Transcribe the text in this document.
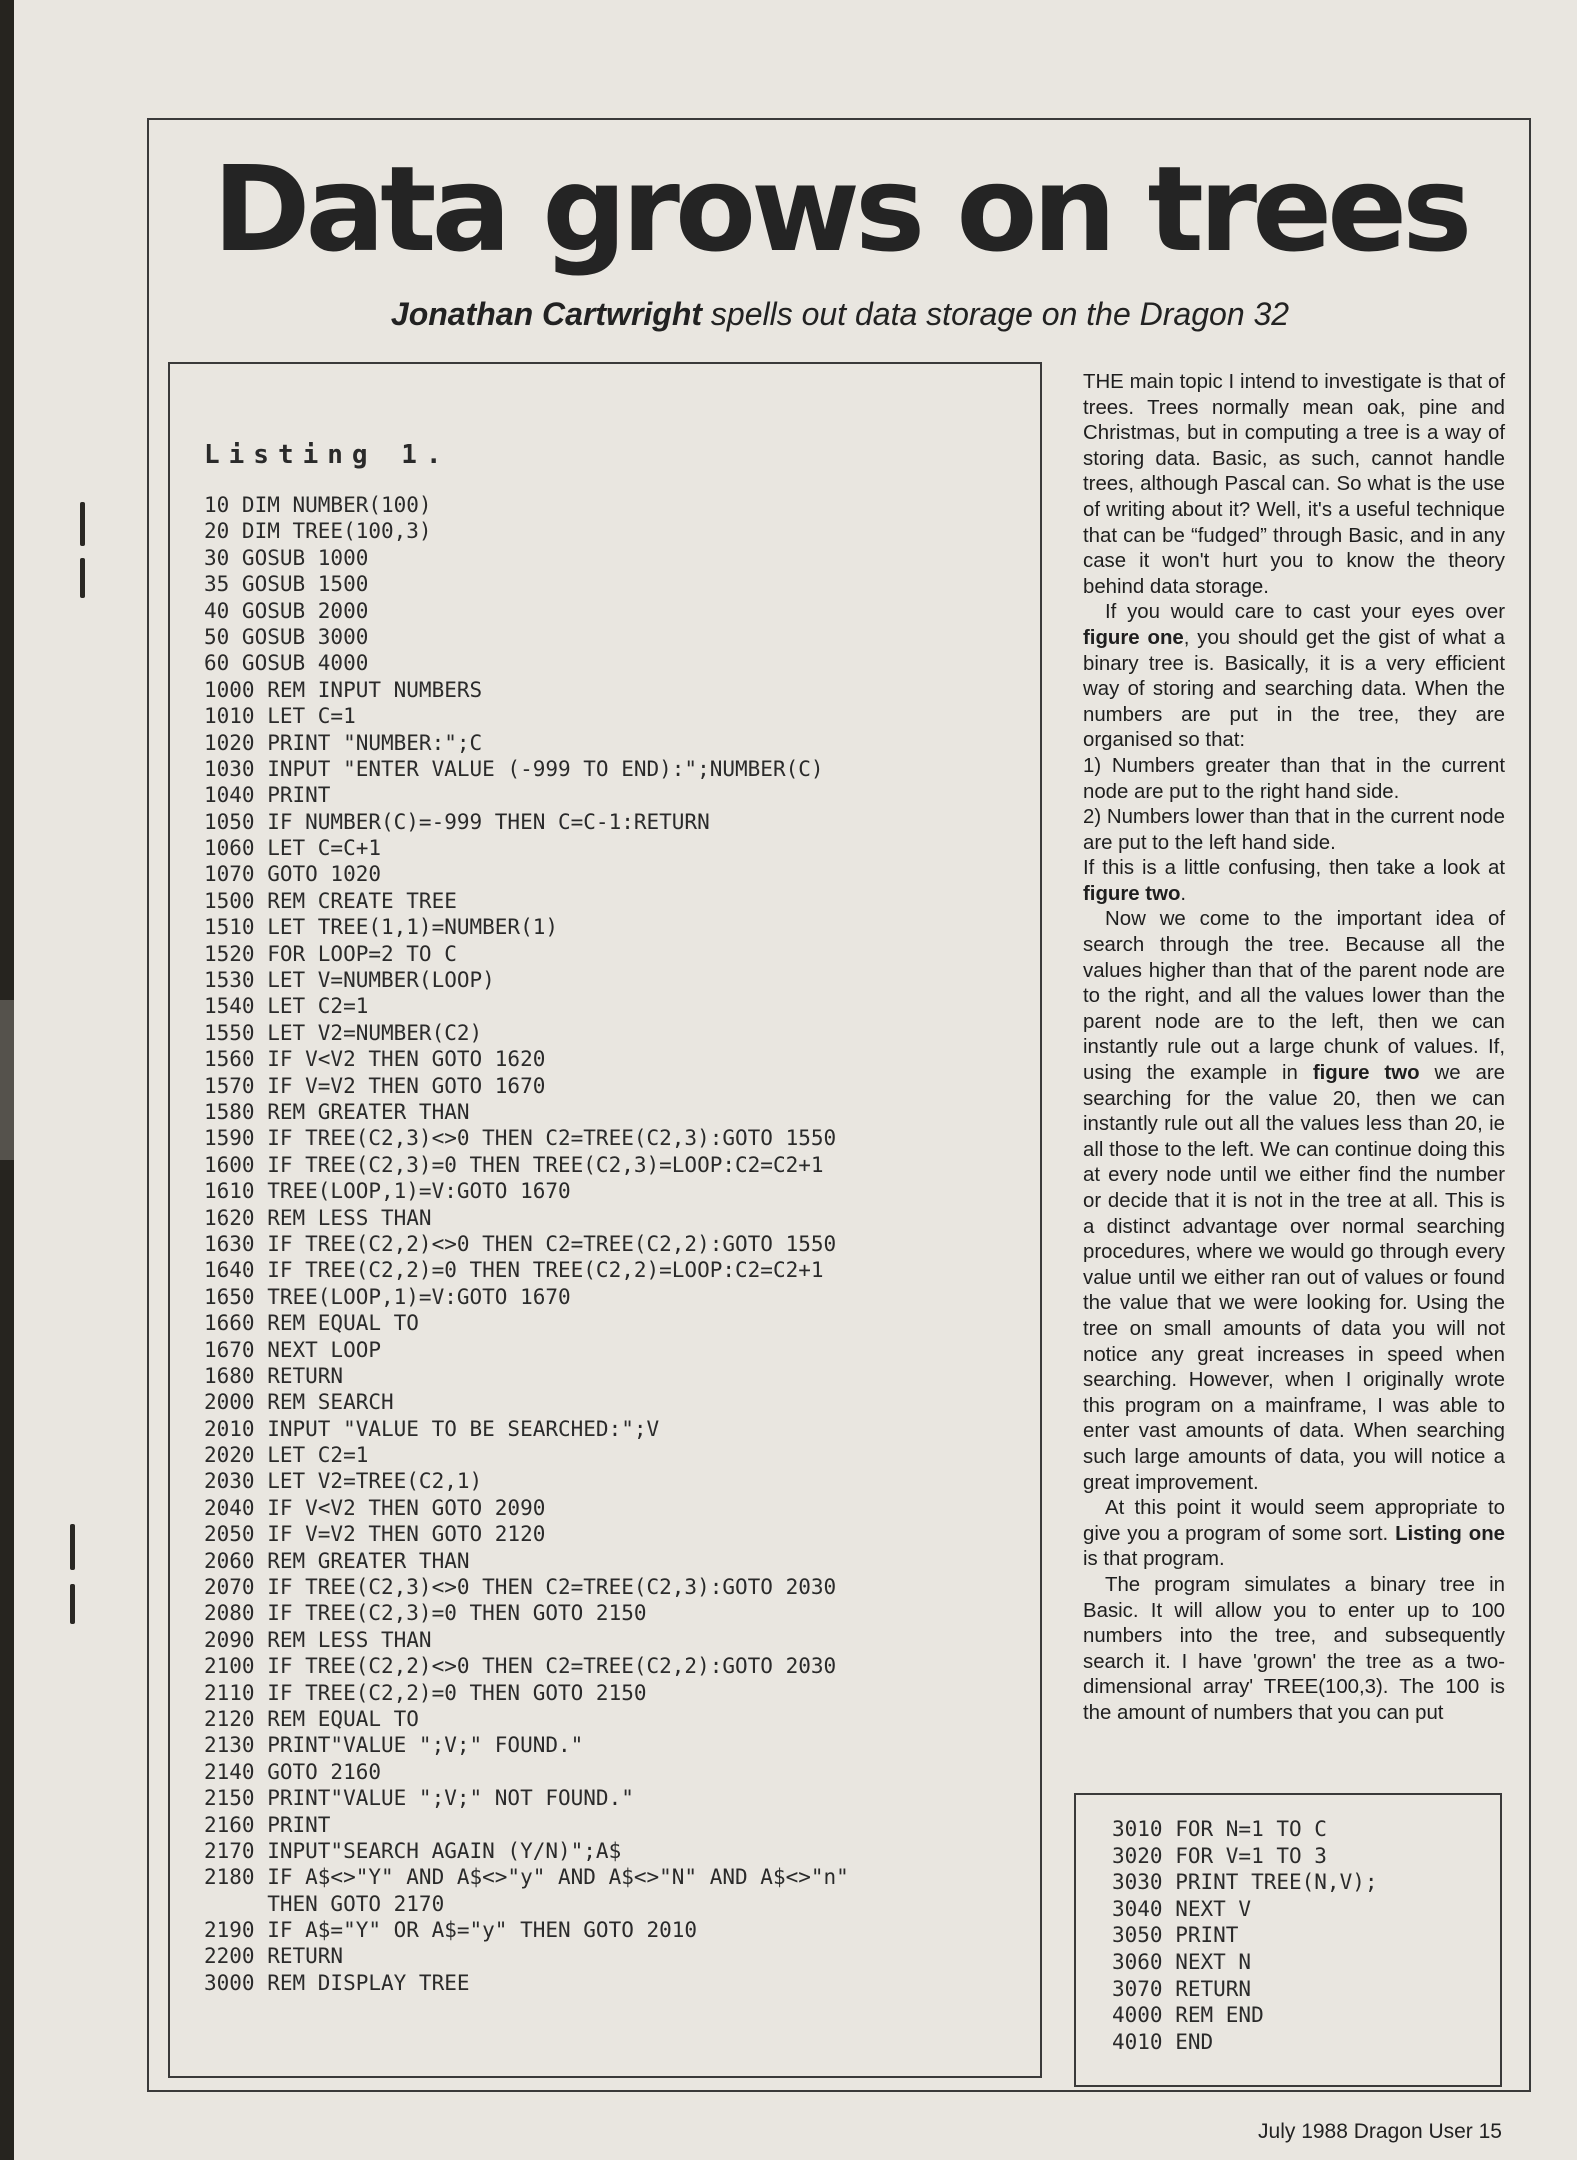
Data grows on trees

Jonathan Cartwright spells out data storage on the Dragon 32

Listing 1.

10 DIM NUMBER(100)
20 DIM TREE(100,3)
30 GOSUB 1000
35 GOSUB 1500
40 GOSUB 2000
50 GOSUB 3000
60 GOSUB 4000
1000 REM INPUT NUMBERS
1010 LET C=1
1020 PRINT "NUMBER:";C
1030 INPUT "ENTER VALUE (-999 TO END):";NUMBER(C)
1040 PRINT
1050 IF NUMBER(C)=-999 THEN C=C-1:RETURN
1060 LET C=C+1
1070 GOTO 1020
1500 REM CREATE TREE
1510 LET TREE(1,1)=NUMBER(1)
1520 FOR LOOP=2 TO C
1530 LET V=NUMBER(LOOP)
1540 LET C2=1
1550 LET V2=NUMBER(C2)
1560 IF V<V2 THEN GOTO 1620
1570 IF V=V2 THEN GOTO 1670
1580 REM GREATER THAN
1590 IF TREE(C2,3)<>0 THEN C2=TREE(C2,3):GOTO 1550
1600 IF TREE(C2,3)=0 THEN TREE(C2,3)=LOOP:C2=C2+1
1610 TREE(LOOP,1)=V:GOTO 1670
1620 REM LESS THAN
1630 IF TREE(C2,2)<>0 THEN C2=TREE(C2,2):GOTO 1550
1640 IF TREE(C2,2)=0 THEN TREE(C2,2)=LOOP:C2=C2+1
1650 TREE(LOOP,1)=V:GOTO 1670
1660 REM EQUAL TO
1670 NEXT LOOP
1680 RETURN
2000 REM SEARCH
2010 INPUT "VALUE TO BE SEARCHED:";V
2020 LET C2=1
2030 LET V2=TREE(C2,1)
2040 IF V<V2 THEN GOTO 2090
2050 IF V=V2 THEN GOTO 2120
2060 REM GREATER THAN
2070 IF TREE(C2,3)<>0 THEN C2=TREE(C2,3):GOTO 2030
2080 IF TREE(C2,3)=0 THEN GOTO 2150
2090 REM LESS THAN
2100 IF TREE(C2,2)<>0 THEN C2=TREE(C2,2):GOTO 2030
2110 IF TREE(C2,2)=0 THEN GOTO 2150
2120 REM EQUAL TO
2130 PRINT"VALUE ";V;" FOUND."
2140 GOTO 2160
2150 PRINT"VALUE ";V;" NOT FOUND."
2160 PRINT
2170 INPUT"SEARCH AGAIN (Y/N)";A$
2180 IF A$<>"Y" AND A$<>"y" AND A$<>"N" AND A$<>"n"
THEN GOTO 2170
2190 IF A$="Y" OR A$="y" THEN GOTO 2010
2200 RETURN
3000 REM DISPLAY TREE

THE main topic I intend to investigate is that of trees. Trees normally mean oak, pine and Christmas, but in computing a tree is a way of storing data. Basic, as such, cannot handle trees, although Pascal can. So what is the use of writing about it? Well, it's a useful technique that can be “fudged” through Basic, and in any case it won't hurt you to know the theory behind data storage.

If you would care to cast your eyes over figure one, you should get the gist of what a binary tree is. Basically, it is a very efficient way of storing and searching data. When the numbers are put in the tree, they are organised so that:

1) Numbers greater than that in the current node are put to the right hand side.

2) Numbers lower than that in the current node are put to the left hand side.

If this is a little confusing, then take a look at figure two.

Now we come to the important idea of search through the tree. Because all the values higher than that of the parent node are to the right, and all the values lower than the parent node are to the left, then we can instantly rule out a large chunk of values. If, using the example in figure two we are searching for the value 20, then we can instantly rule out all the values less than 20, ie all those to the left. We can continue doing this at every node until we either find the number or decide that it is not in the tree at all. This is a distinct advantage over normal searching procedures, where we would go through every value until we either ran out of values or found the value that we were looking for. Using the tree on small amounts of data you will not notice any great increases in speed when searching. However, when I originally wrote this program on a mainframe, I was able to enter vast amounts of data. When searching such large amounts of data, you will notice a great improvement.

At this point it would seem appropriate to give you a program of some sort. Listing one is that program.

The program simulates a binary tree in Basic. It will allow you to enter up to 100 numbers into the tree, and subsequently search it. I have 'grown' the tree as a two-dimensional array' TREE(100,3). The 100 is the amount of numbers that you can put

3010 FOR N=1 TO C
3020 FOR V=1 TO 3
3030 PRINT TREE(N,V);
3040 NEXT V
3050 PRINT
3060 NEXT N
3070 RETURN
4000 REM END
4010 END

July 1988 Dragon User 15
